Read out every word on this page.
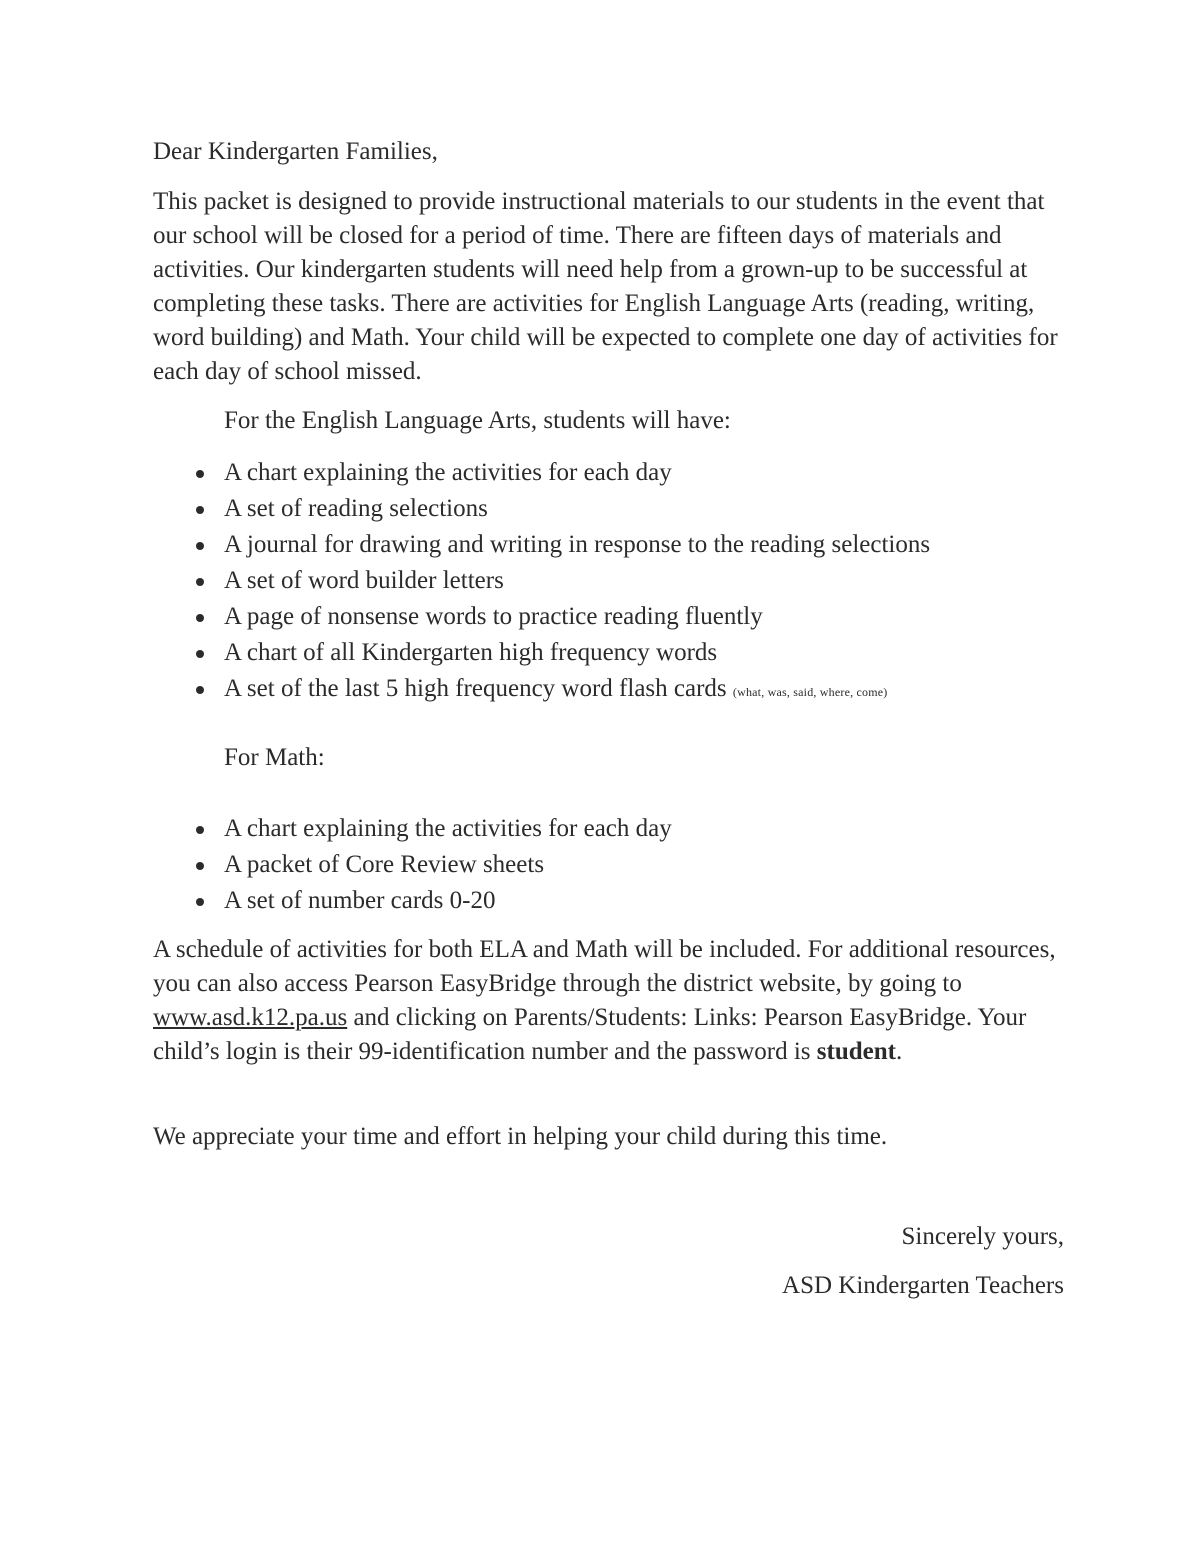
Dear Kindergarten Families,

This packet is designed to provide instructional materials to our students in the event that our school will be closed for a period of time. There are fifteen days of materials and activities. Our kindergarten students will need help from a grown-up to be successful at completing these tasks. There are activities for English Language Arts (reading, writing, word building) and Math. Your child will be expected to complete one day of activities for each day of school missed.

For the English Language Arts, students will have:

A chart explaining the activities for each day
A set of reading selections
A journal for drawing and writing in response to the reading selections
A set of word builder letters
A page of nonsense words to practice reading fluently
A chart of all Kindergarten high frequency words
A set of the last 5 high frequency word flash cards (what, was, said, where, come)

For Math:

A chart explaining the activities for each day
A packet of Core Review sheets
A set of number cards 0-20

A schedule of activities for both ELA and Math will be included. For additional resources, you can also access Pearson EasyBridge through the district website, by going to www.asd.k12.pa.us and clicking on Parents/Students: Links: Pearson EasyBridge. Your child’s login is their 99-identification number and the password is student.

We appreciate your time and effort in helping your child during this time.

Sincerely yours,

ASD Kindergarten Teachers
